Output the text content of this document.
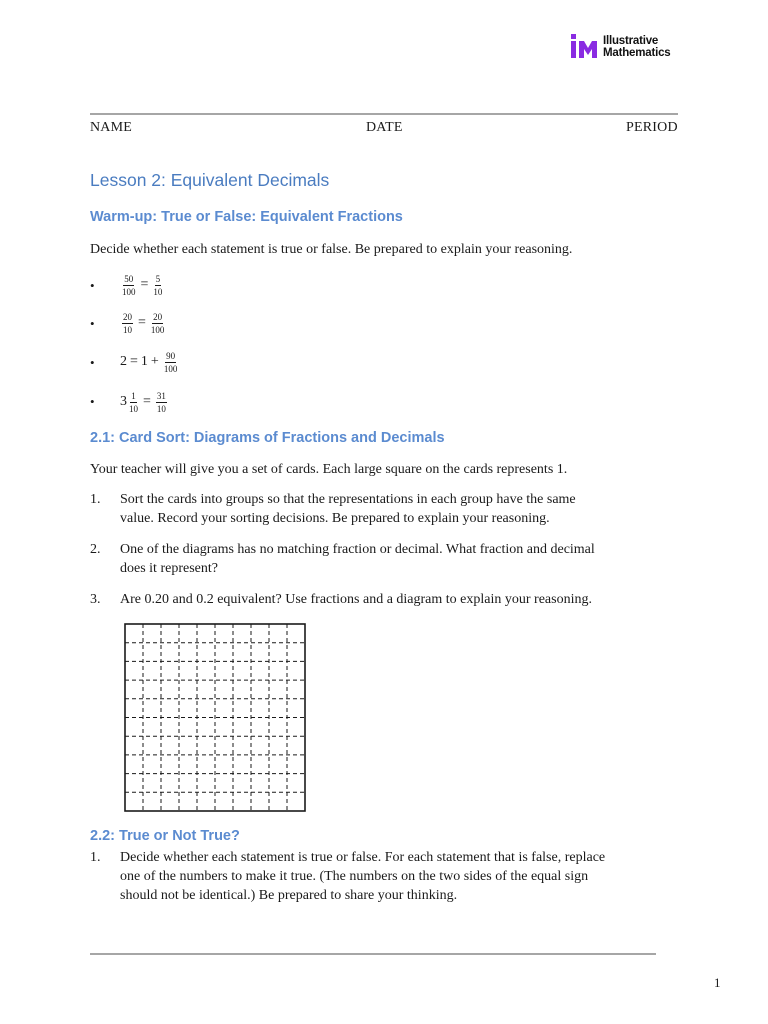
Illustrative
Mathematics
NAME	DATE	PERIOD
Lesson 2: Equivalent Decimals
Warm-up: True or False: Equivalent Fractions
Decide whether each statement is true or false. Be prepared to explain your reasoning.
•	$\frac{50}{100} = \frac{5}{10}$
•	$\frac{20}{10} = \frac{20}{100}$
• $2 = 1 + \frac{90}{100}$
• $3 \frac{1}{10} = \frac{31}{10}$
2.1: Card Sort: Diagrams of Fractions and Decimals
Your teacher will give you a set of cards. Each large square on the cards represents 1.
1. Sort the cards into groups so that the representations in each group have the same
value. Record your sorting decisions. Be prepared to explain your reasoning.
2. One of the diagrams has no matching fraction or decimal. What fraction and decimal
does it represent?
3. Are 0.20 and 0.2 equivalent? Use fractions and a diagram to explain your reasoning.
2.2: True or Not True?
1. Decide whether each statement is true or false. For each statement that is false, replace
one of the numbers to make it true. (The numbers on the two sides of the equal sign
should not be identical.) Be prepared to share your thinking.
1
